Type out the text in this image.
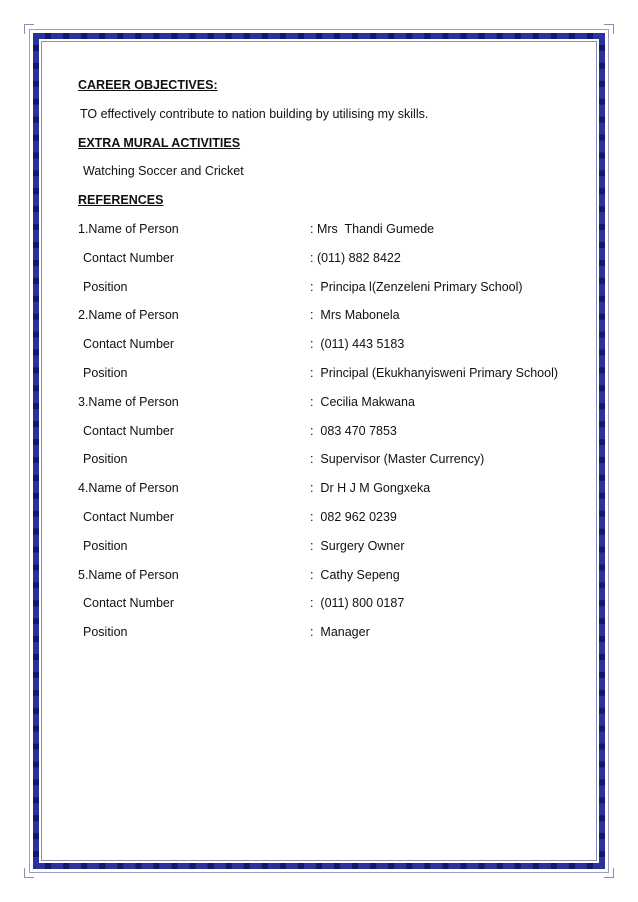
CAREER OBJECTIVES:

TO effectively contribute to nation building by utilising my skills.

EXTRA MURAL ACTIVITIES

Watching Soccer and Cricket

REFERENCES

1.Name of Person	: Mrs  Thandi Gumede
Contact Number	: (011) 882 8422
Position	:  Principa l(Zenzeleni Primary School)
2.Name of Person	:  Mrs Mabonela
Contact Number	:  (011) 443 5183
Position	:  Principal (Ekukhanyisweni Primary School)
3.Name of Person	:  Cecilia Makwana
Contact Number	:  083 470 7853
Position	:  Supervisor (Master Currency)
4.Name of Person	:  Dr H J M Gongxeka
Contact Number	:  082 962 0239
Position	:  Surgery Owner
5.Name of Person	:  Cathy Sepeng
Contact Number	:  (011) 800 0187
Position	:  Manager
